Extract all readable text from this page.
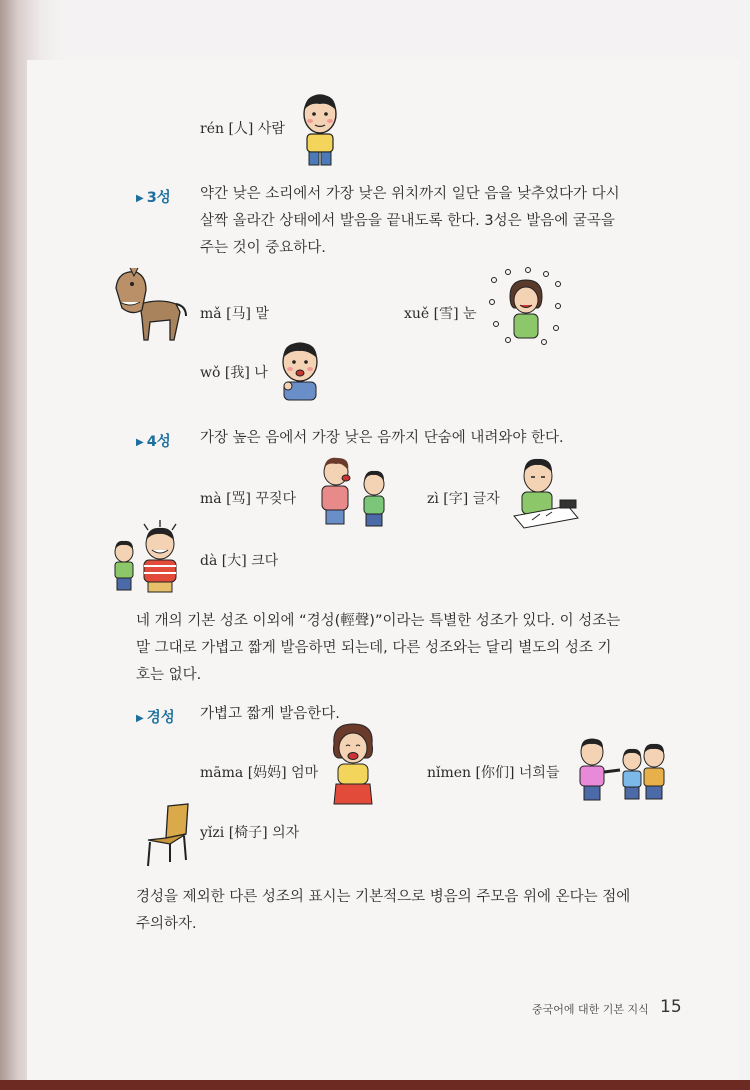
rén [人] 사람
▶ 3성 약간 낮은 소리에서 가장 낮은 위치까지 일단 음을 낮추었다가 다시
살짝 올라간 상태에서 발음을 끝내도록 한다. 3성은 발음에 굴곡을
주는 것이 중요하다.
mǎ [马] 말	xuě [雪] 눈
wǒ [我] 나
▶ 4성 가장 높은 음에서 가장 낮은 음까지 단숨에 내려와야 한다.
mà [骂] 꾸짖다	zì [字] 글자
dà [大] 크다
네 개의 기본 성조 이외에 “경성(輕聲)”이라는 특별한 성조가 있다. 이 성조는
말 그대로 가볍고 짧게 발음하면 되는데, 다른 성조와는 달리 별도의 성조 기
호는 없다.
▶ 경성 가볍고 짧게 발음한다.
māma [妈妈] 엄마	nǐmen [你们] 너희들
yǐzi [椅子] 의자
경성을 제외한 다른 성조의 표시는 기본적으로 병음의 주모음 위에 온다는 점에
주의하자.
중국어에 대한 기본 지식 15
